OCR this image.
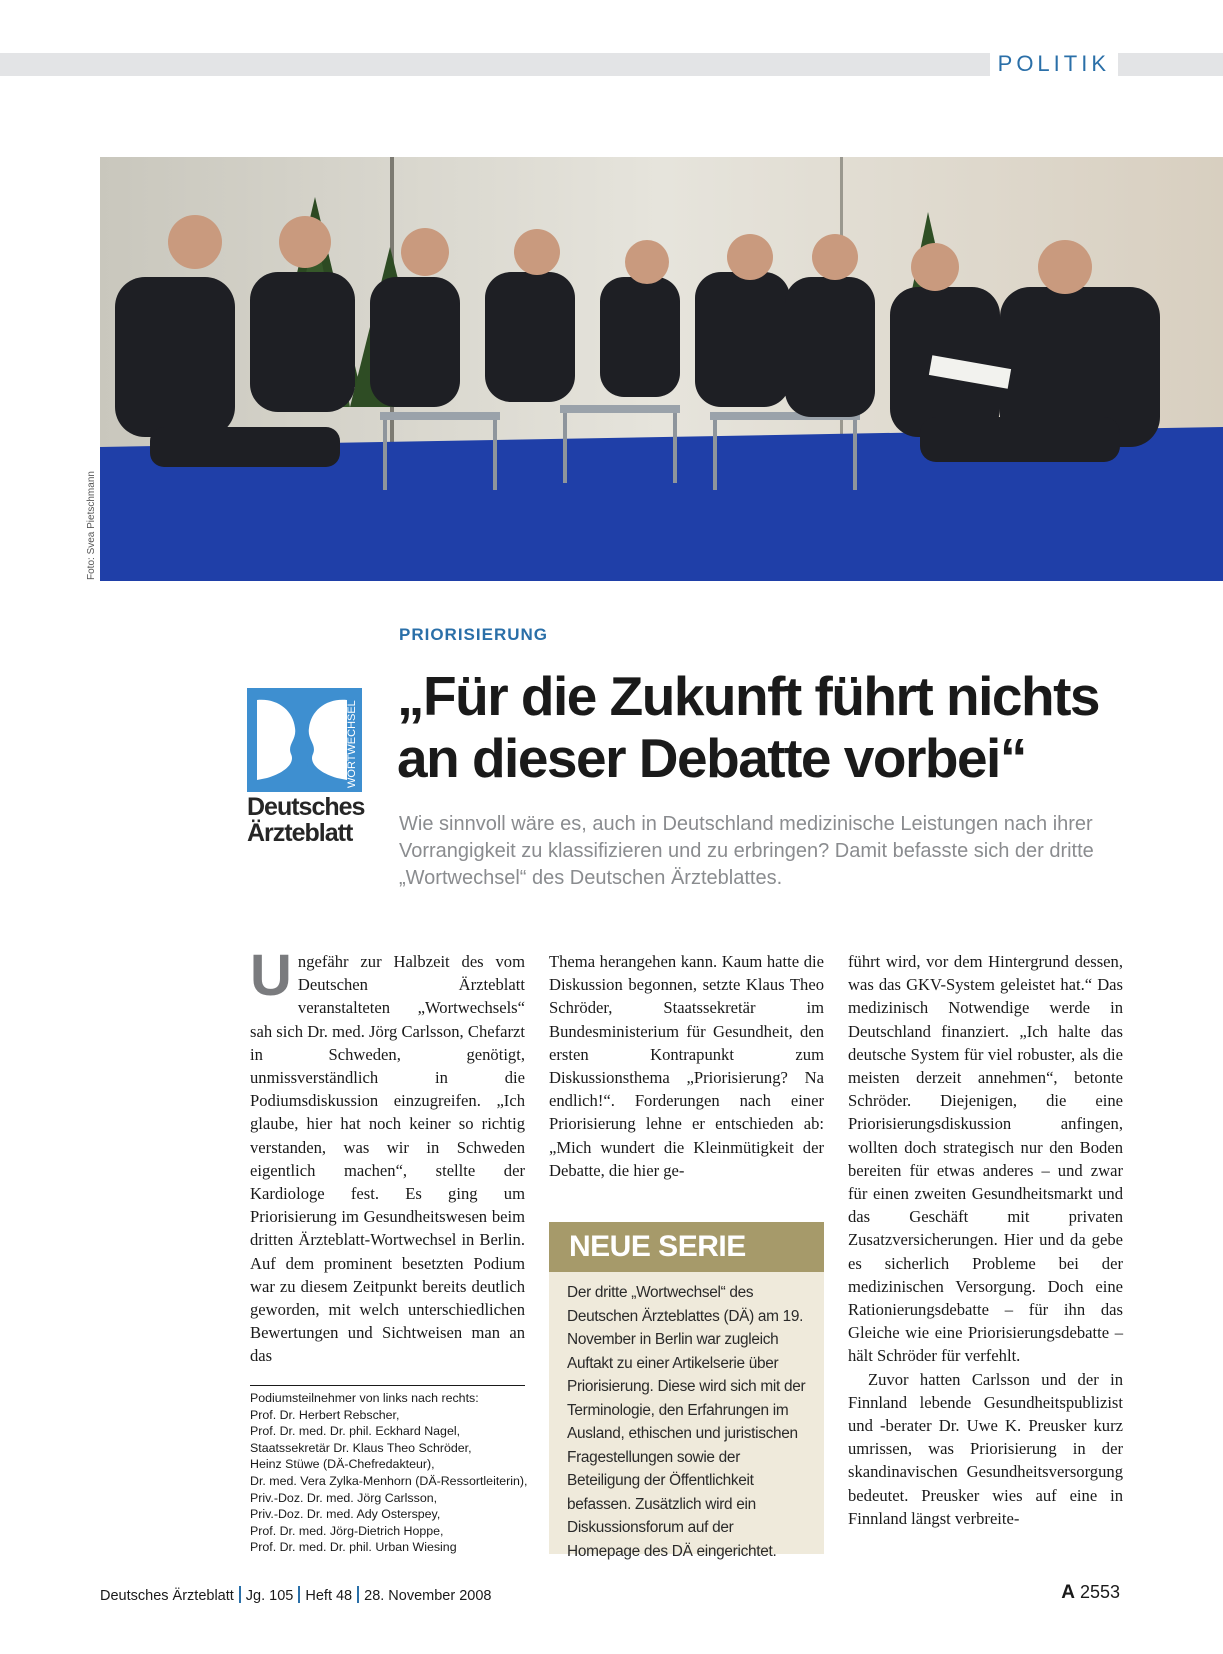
POLITIK
Foto: Svea Pietschmann
WORTWECHSEL
Deutsches
Ärzteblatt
PRIORISIERUNG
„Für die Zukunft führt nichts
an dieser Debatte vorbei“

Wie sinnvoll wäre es, auch in Deutschland medizinische Leistungen nach ihrer Vorrangigkeit zu klassifizieren und zu erbringen? Damit befasste sich der dritte „Wortwechsel“ des Deutschen Ärzteblattes.

Ungefähr zur Halbzeit des vom Deutschen Ärzteblatt veranstalteten „Wortwechsels“ sah sich Dr. med. Jörg Carlsson, Chefarzt in Schweden, genötigt, unmissverständlich in die Podiumsdiskussion einzugreifen. „Ich glaube, hier hat noch keiner so richtig verstanden, was wir in Schweden eigentlich machen“, stellte der Kardiologe fest. Es ging um Priorisierung im Gesundheitswesen beim dritten Ärzteblatt-Wortwechsel in Berlin. Auf dem prominent besetzten Podium war zu diesem Zeitpunkt bereits deutlich geworden, mit welch unterschiedlichen Bewertungen und Sichtweisen man an das

Thema herangehen kann. Kaum hatte die Diskussion begonnen, setzte Klaus Theo Schröder, Staatssekretär im Bundesministerium für Gesundheit, den ersten Kontrapunkt zum Diskussionsthema „Priorisierung? Na endlich!“. Forderungen nach einer Priorisierung lehne er entschieden ab: „Mich wundert die Kleinmütigkeit der Debatte, die hier ge-

führt wird, vor dem Hintergrund dessen, was das GKV-System geleistet hat.“ Das medizinisch Notwendige werde in Deutschland finanziert. „Ich halte das deutsche System für viel robuster, als die meisten derzeit annehmen“, betonte Schröder. Diejenigen, die eine Priorisierungsdiskussion anfingen, wollten doch strategisch nur den Boden bereiten für etwas anderes – und zwar für einen zweiten Gesundheitsmarkt und das Geschäft mit privaten Zusatzversicherungen. Hier und da gebe es sicherlich Probleme bei der medizinischen Versorgung. Doch eine Rationierungsdebatte – für ihn das Gleiche wie eine Priorisierungsdebatte – hält Schröder für verfehlt.

Zuvor hatten Carlsson und der in Finnland lebende Gesundheitspublizist und -berater Dr. Uwe K. Preusker kurz umrissen, was Priorisierung in der skandinavischen Gesundheitsversorgung bedeutet. Preusker wies auf eine in Finnland längst verbreite-

Podiumsteilnehmer von links nach rechts:
Prof. Dr. Herbert Rebscher,
Prof. Dr. med. Dr. phil. Eckhard Nagel,
Staatssekretär Dr. Klaus Theo Schröder,
Heinz Stüwe (DÄ-Chefredakteur),
Dr. med. Vera Zylka-Menhorn (DÄ-Ressortleiterin),
Priv.-Doz. Dr. med. Jörg Carlsson,
Priv.-Doz. Dr. med. Ady Osterspey,
Prof. Dr. med. Jörg-Dietrich Hoppe,
Prof. Dr. med. Dr. phil. Urban Wiesing
NEUE SERIE
Der dritte „Wortwechsel“ des Deutschen Ärzteblattes (DÄ) am 19. November in Berlin war zugleich Auftakt zu einer Artikelserie über Priorisierung. Diese wird sich mit der Terminologie, den Erfahrungen im Ausland, ethischen und juristischen Fragestellungen sowie der Beteiligung der Öffentlichkeit befassen. Zusätzlich wird ein Diskussionsforum auf der Homepage des DÄ eingerichtet.
Deutsches Ärzteblatt Jg. 105 Heft 48 28. November 2008	A 2553
